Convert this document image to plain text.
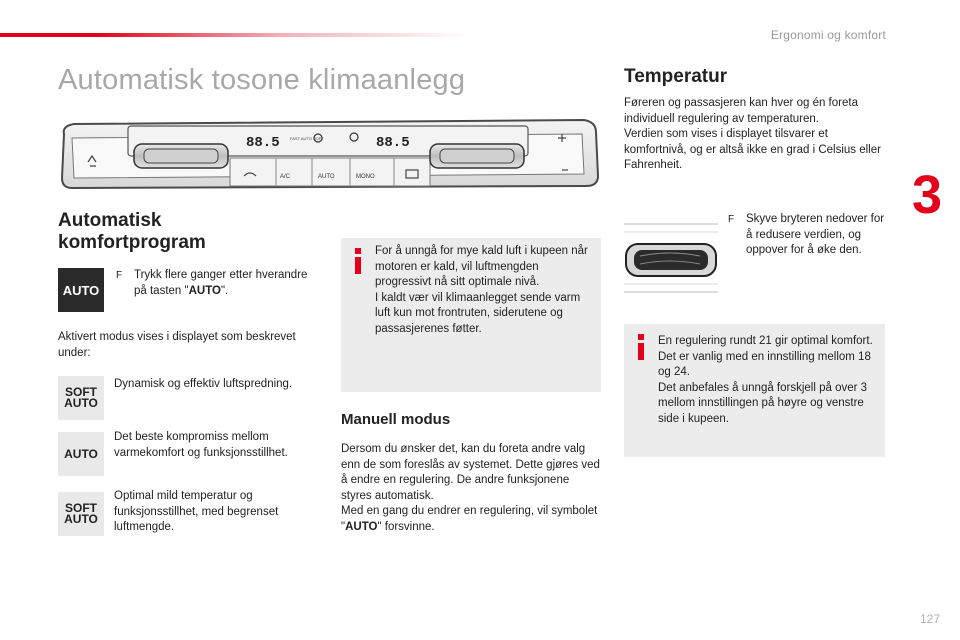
Ergonomi og komfort
3
127
Automatisk tosone klimaanlegg
88.5	88.5
FAST AUTO SOFT
A/C	AUTO	MONO
Automatisk
komfortprogram
AUTO
F	Trykk flere ganger etter hverandre på tasten "AUTO".

Aktivert modus vises i displayet som beskrevet under:

SOFT
AUTO

Dynamisk og effektiv luftspredning.

AUTO

Det beste kompromiss mellom varmekomfort og funksjonsstillhet.

SOFT
AUTO

Optimal mild temperatur og funksjonsstillhet, med begrenset luftmengde.

For å unngå for mye kald luft i kupeen når motoren er kald, vil luftmengden progressivt nå sitt optimale nivå.
I kaldt vær vil klimaanlegget sende varm luft kun mot frontruten, siderutene og passasjerenes føtter.

Manuell modus

Dersom du ønsker det, kan du foreta andre valg enn de som foreslås av systemet. Dette gjøres ved å endre en regulering. De andre funksjonene styres automatisk.
Med en gang du endrer en regulering, vil symbolet "AUTO" forsvinne.

Temperatur

Føreren og passasjeren kan hver og én foreta individuell regulering av temperaturen.
Verdien som vises i displayet tilsvarer et komfortnivå, og er altså ikke en grad i Celsius eller Fahrenheit.

F	Skyve bryteren nedover for å redusere verdien, og oppover for å øke den.

En regulering rundt 21 gir optimal komfort. Det er vanlig med en innstilling mellom 18 og 24.
Det anbefales å unngå forskjell på over 3 mellom innstillingen på høyre og venstre side i kupeen.
